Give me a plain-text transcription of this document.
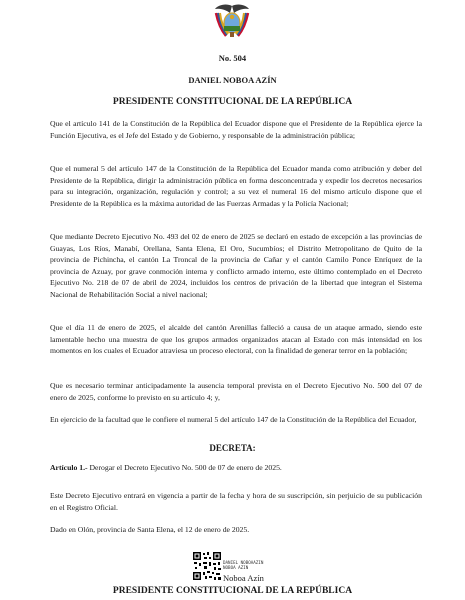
No. 504
DANIEL NOBOA AZÍN
PRESIDENTE CONSTITUCIONAL DE LA REPÚBLICA

Que el artículo 141 de la Constitución de la República del Ecuador dispone que el Presidente de la República ejerce la Función Ejecutiva, es el Jefe del Estado y de Gobierno, y responsable de la administración pública;

Que el numeral 5 del artículo 147 de la Constitución de la República del Ecuador manda como atribución y deber del Presidente de la República, dirigir la administración pública en forma desconcentrada y expedir los decretos necesarios para su integración, organización, regulación y control; a su vez el numeral 16 del mismo artículo dispone que el Presidente de la República es la máxima autoridad de las Fuerzas Armadas y la Policía Nacional;

Que mediante Decreto Ejecutivo No. 493 del 02 de enero de 2025 se declaró en estado de excepción a las provincias de Guayas, Los Ríos, Manabí, Orellana, Santa Elena, El Oro, Sucumbíos; el Distrito Metropolitano de Quito de la provincia de Pichincha, el cantón La Troncal de la provincia de Cañar y el cantón Camilo Ponce Enríquez de la provincia de Azuay, por grave conmoción interna y conflicto armado interno, este último contemplado en el Decreto Ejecutivo No. 218 de 07 de abril de 2024, incluidos los centros de privación de la libertad que integran el Sistema Nacional de Rehabilitación Social a nivel nacional;

Que el día 11 de enero de 2025, el alcalde del cantón Arenillas falleció a causa de un ataque armado, siendo este lamentable hecho una muestra de que los grupos armados organizados atacan al Estado con más intensidad en los momentos en los cuales el Ecuador atraviesa un proceso electoral, con la finalidad de generar terror en la población;

Que es necesario terminar anticipadamente la ausencia temporal prevista en el Decreto Ejecutivo No. 500 del 07 de enero de 2025, conforme lo previsto en su artículo 4; y,

En ejercicio de la facultad que le confiere el numeral 5 del artículo 147 de la Constitución de la República del Ecuador,

DECRETA:

Artículo 1.- Derogar el Decreto Ejecutivo No. 500 de 07 de enero de 2025.

Este Decreto Ejecutivo entrará en vigencia a partir de la fecha y hora de su suscripción, sin perjuicio de su publicación en el Registro Oficial.

Dado en Olón, provincia de Santa Elena, el 12 de enero de 2025.

DANIEL NOBOAAZIN
NOBOA AZIN
Noboa Azín
PRESIDENTE CONSTITUCIONAL DE LA REPÚBLICA
